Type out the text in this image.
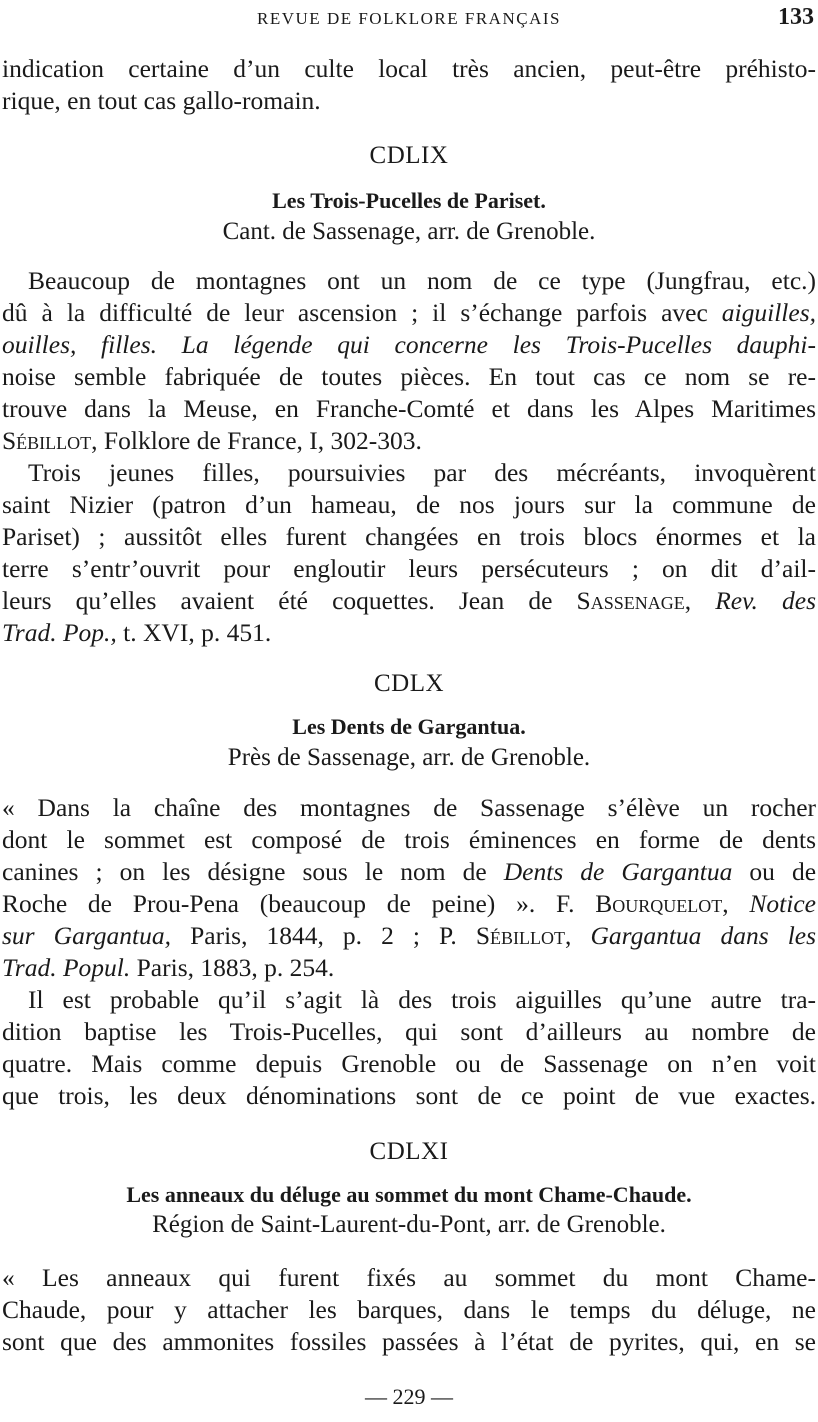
REVUE DE FOLKLORE FRANÇAIS	133
indication certaine d’un culte local très ancien, peut-être préhisto-
rique, en tout cas gallo-romain.
CDLIX
Les Trois-Pucelles de Pariset.
Cant. de Sassenage, arr. de Grenoble.
Beaucoup de montagnes ont un nom de ce type (Jungfrau, etc.)
dû à la difficulté de leur ascension ; il s’échange parfois avec aiguilles,
ouilles, filles. La légende qui concerne les Trois-Pucelles dauphi-
noise semble fabriquée de toutes pièces. En tout cas ce nom se re-
trouve dans la Meuse, en Franche-Comté et dans les Alpes Maritimes
Sébillot, Folklore de France, I, 302-303.
Trois jeunes filles, poursuivies par des mécréants, invoquèrent
saint Nizier (patron d’un hameau, de nos jours sur la commune de
Pariset) ; aussitôt elles furent changées en trois blocs énormes et la
terre s’entr’ouvrit pour engloutir leurs persécuteurs ; on dit d’ail-
leurs qu’elles avaient été coquettes. Jean de Sassenage, Rev. des
Trad. Pop., t. XVI, p. 451.
CDLX
Les Dents de Gargantua.
Près de Sassenage, arr. de Grenoble.
« Dans la chaîne des montagnes de Sassenage s’élève un rocher
dont le sommet est composé de trois éminences en forme de dents
canines ; on les désigne sous le nom de Dents de Gargantua ou de
Roche de Prou-Pena (beaucoup de peine) ». F. Bourquelot, Notice
sur Gargantua, Paris, 1844, p. 2 ; P. Sébillot, Gargantua dans les
Trad. Popul. Paris, 1883, p. 254.
Il est probable qu’il s’agit là des trois aiguilles qu’une autre tra-
dition baptise les Trois-Pucelles, qui sont d’ailleurs au nombre de
quatre. Mais comme depuis Grenoble ou de Sassenage on n’en voit
que trois, les deux dénominations sont de ce point de vue exactes.
CDLXI
Les anneaux du déluge au sommet du mont Chame-Chaude.
Région de Saint-Laurent-du-Pont, arr. de Grenoble.
« Les anneaux qui furent fixés au sommet du mont Chame-
Chaude, pour y attacher les barques, dans le temps du déluge, ne
sont que des ammonites fossiles passées à l’état de pyrites, qui, en se
— 229 —
